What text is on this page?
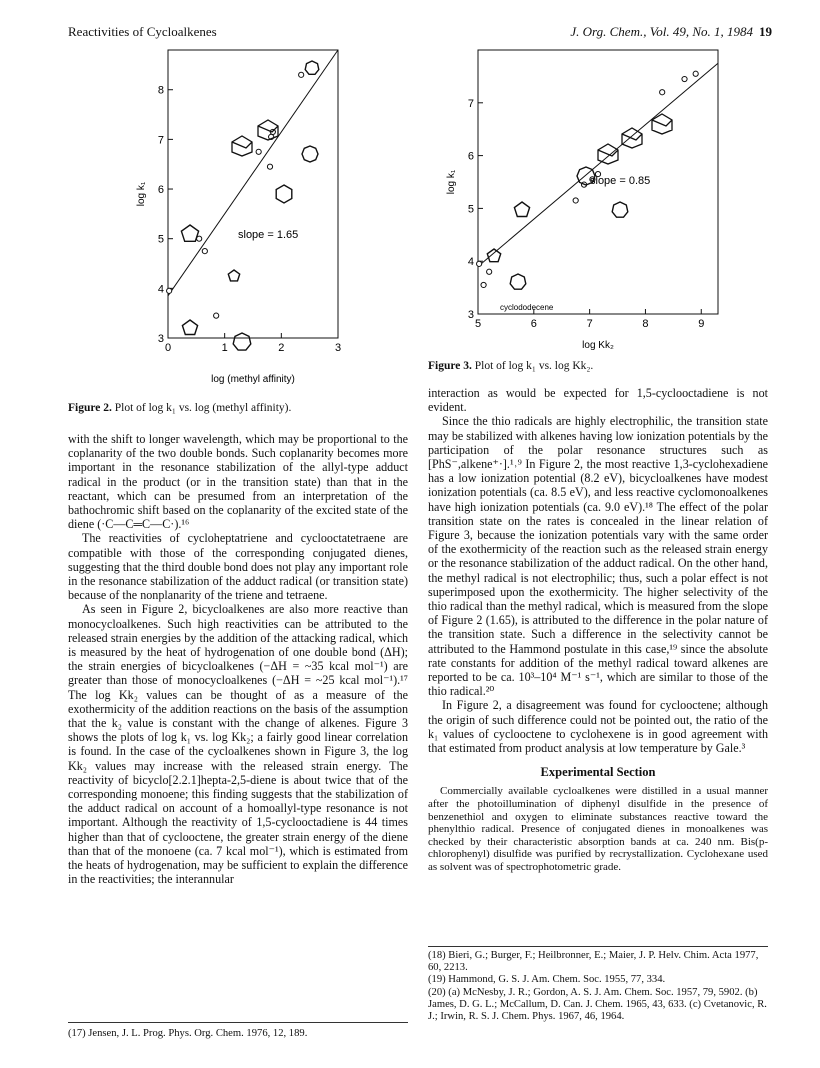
Reactivities of Cycloalkenes	J. Org. Chem., Vol. 49, No. 1, 1984 19
0	1	2	3
3
4
5
6
7
8
log (methyl affinity)
log k₁
slope = 1.65
Figure 2. Plot of log k₁ vs. log (methyl affinity).
5	6	7	8	9
3
4
5
6
7
log Kk₂
log k₁	slope = 0.85
cyclododecene
Figure 3. Plot of log k₁ vs. log Kk₂.

with the shift to longer wavelength, which may be proportional to the coplanarity of the two double bonds. Such coplanarity becomes more important in the resonance stabilization of the allyl-type adduct radical in the product (or in the transition state) than that in the reactant, which can be presumed from an interpretation of the bathochromic shift based on the coplanarity of the excited state of the diene (·C—C═C—C·).¹⁶

The reactivities of cycloheptatriene and cyclooctatetraene are compatible with those of the corresponding conjugated dienes, suggesting that the third double bond does not play any important role in the resonance stabilization of the adduct radical (or transition state) because of the nonplanarity of the triene and tetraene.

As seen in Figure 2, bicycloalkenes are also more reactive than monocycloalkenes. Such high reactivities can be attributed to the released strain energies by the addition of the attacking radical, which is measured by the heat of hydrogenation of one double bond (ΔH); the strain energies of bicycloalkenes (−ΔH = ~35 kcal mol⁻¹) are greater than those of monocycloalkenes (−ΔH = ~25 kcal mol⁻¹).¹⁷ The log Kk₂ values can be thought of as a measure of the exothermicity of the addition reactions on the basis of the assumption that the k₂ value is constant with the change of alkenes. Figure 3 shows the plots of log k₁ vs. log Kk₂; a fairly good linear correlation is found. In the case of the cycloalkenes shown in Figure 3, the log Kk₂ values may increase with the released strain energy. The reactivity of bicyclo[2.2.1]hepta-2,5-diene is about twice that of the corresponding monoene; this finding suggests that the stabilization of the adduct radical on account of a homoallyl-type resonance is not important. Although the reactivity of 1,5-cyclooctadiene is 44 times higher than that of cyclooctene, the greater strain energy of the diene than that of the monoene (ca. 7 kcal mol⁻¹), which is estimated from the heats of hydrogenation, may be sufficient to explain the difference in the reactivities; the interannular

(17) Jensen, J. L. Prog. Phys. Org. Chem. 1976, 12, 189.

interaction as would be expected for 1,5-cyclooctadiene is not evident.

Since the thio radicals are highly electrophilic, the transition state may be stabilized with alkenes having low ionization potentials by the participation of the polar resonance structures such as [PhS⁻,alkene⁺·].¹˒⁹ In Figure 2, the most reactive 1,3-cyclohexadiene has a low ionization potential (8.2 eV), bicycloalkenes have modest ionization potentials (ca. 8.5 eV), and less reactive cyclomonoalkenes have high ionization potentials (ca. 9.0 eV).¹⁸ The effect of the polar transition state on the rates is concealed in the linear relation of Figure 3, because the ionization potentials vary with the same order of the exothermicity of the reaction such as the released strain energy or the resonance stabilization of the adduct radical. On the other hand, the methyl radical is not electrophilic; thus, such a polar effect is not superimposed upon the exothermicity. The higher selectivity of the thio radical than the methyl radical, which is measured from the slope of Figure 2 (1.65), is attributed to the difference in the polar nature of the transition state. Such a difference in the selectivity cannot be attributed to the Hammond postulate in this case,¹⁹ since the absolute rate constants for addition of the methyl radical toward alkenes are reported to be ca. 10³–10⁴ M⁻¹ s⁻¹, which are similar to those of the thio radical.²⁰

In Figure 2, a disagreement was found for cyclooctene; although the origin of such difference could not be pointed out, the ratio of the k₁ values of cyclooctene to cyclohexene is in good agreement with that estimated from product analysis at low temperature by Gale.³

Experimental Section

Commercially available cycloalkenes were distilled in a usual manner after the photoillumination of diphenyl disulfide in the presence of benzenethiol and oxygen to eliminate substances reactive toward the phenylthio radical. Presence of conjugated dienes in monoalkenes was checked by their characteristic absorption bands at ca. 240 nm. Bis(p-chlorophenyl) disulfide was purified by recrystallization. Cyclohexane used as solvent was of spectrophotometric grade.

(18) Bieri, G.; Burger, F.; Heilbronner, E.; Maier, J. P. Helv. Chim. Acta 1977, 60, 2213.
(19) Hammond, G. S. J. Am. Chem. Soc. 1955, 77, 334.
(20) (a) McNesby, J. R.; Gordon, A. S. J. Am. Chem. Soc. 1957, 79, 5902. (b) James, D. G. L.; McCallum, D. Can. J. Chem. 1965, 43, 633. (c) Cvetanovic, R. J.; Irwin, R. S. J. Chem. Phys. 1967, 46, 1964.
